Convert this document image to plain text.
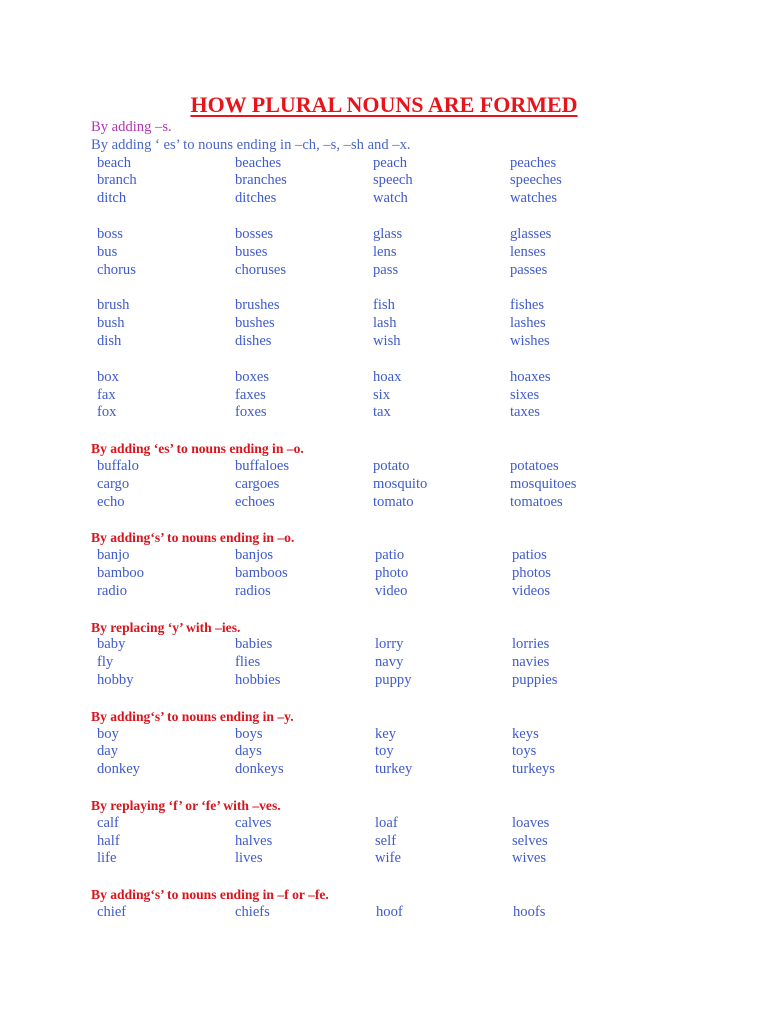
HOW PLURAL NOUNS ARE FORMED
By adding –s.
By adding ‘ es’ to nouns ending in –ch, –s, –sh and –x.
beach	beaches	peach	peaches
branch	branches	speech	speeches
ditch	ditches	watch	watches
boss	bosses	glass	glasses
bus	buses	lens	lenses
chorus	choruses	pass	passes
brush	brushes	fish	fishes
bush	bushes	lash	lashes
dish	dishes	wish	wishes
box	boxes	hoax	hoaxes
fax	faxes	six	sixes
fox	foxes	tax	taxes
By adding ‘es’ to nouns ending in –o.
buffalo	buffaloes	potato	potatoes
cargo	cargoes	mosquito	mosquitoes
echo	echoes	tomato	tomatoes
By adding‘s’ to nouns ending in –o.
banjo	banjos	patio	patios
bamboo	bamboos	photo	photos
radio	radios	video	videos
By replacing ‘y’ with –ies.
baby	babies	lorry	lorries
fly	flies	navy	navies
hobby	hobbies	puppy	puppies
By adding‘s’ to nouns ending in –y.
boy	boys	key	keys
day	days	toy	toys
donkey	donkeys	turkey	turkeys
By replaying ‘f’ or ‘fe’ with –ves.
calf	calves	loaf	loaves
half	halves	self	selves
life	lives	wife	wives
By adding‘s’ to nouns ending in –f or –fe.
chief	chiefs	hoof	hoofs
